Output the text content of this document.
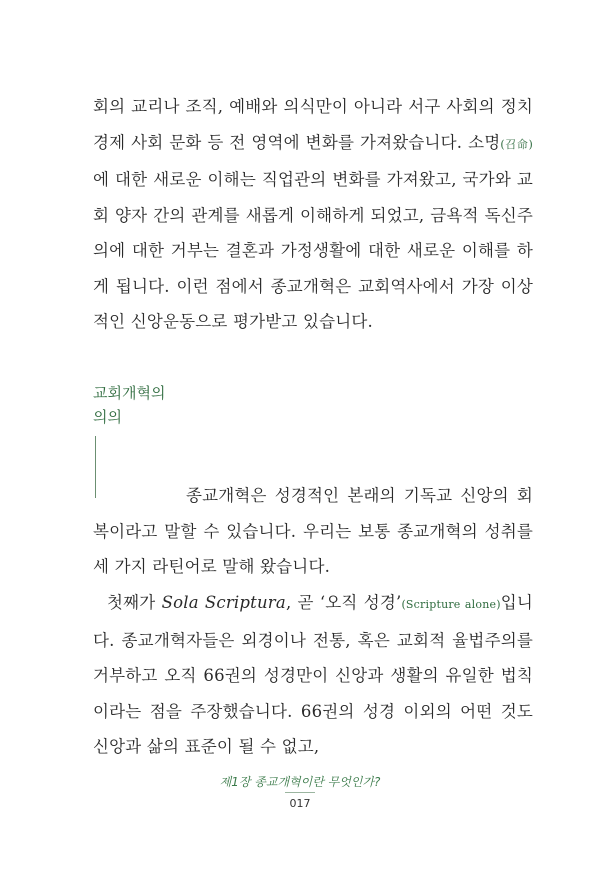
회의 교리나 조직, 예배와 의식만이 아니라 서구 사회의 정치 경제 사회 문화 등 전 영역에 변화를 가져왔습니다. 소명(召命)에 대한 새로운 이해는 직업관의 변화를 가져왔고, 국가와 교회 양자 간의 관계를 새롭게 이해하게 되었고, 금욕적 독신주의에 대한 거부는 결혼과 가정생활에 대한 새로운 이해를 하게 됩니다. 이런 점에서 종교개혁은 교회역사에서 가장 이상적인 신앙운동으로 평가받고 있습니다.

교회개혁의
의의

종교개혁은 성경적인 본래의 기독교 신앙의 회복이라고 말할 수 있습니다. 우리는 보통 종교개혁의 성취를 세 가지 라틴어로 말해 왔습니다.

첫째가 Sola Scriptura, 곧 ‘오직 성경’(Scripture alone)입니다. 종교개혁자들은 외경이나 전통, 혹은 교회적 율법주의를 거부하고 오직 66권의 성경만이 신앙과 생활의 유일한 법칙이라는 점을 주장했습니다. 66권의 성경 이외의 어떤 것도 신앙과 삶의 표준이 될 수 없고,

제1장 종교개혁이란 무엇인가?

017
